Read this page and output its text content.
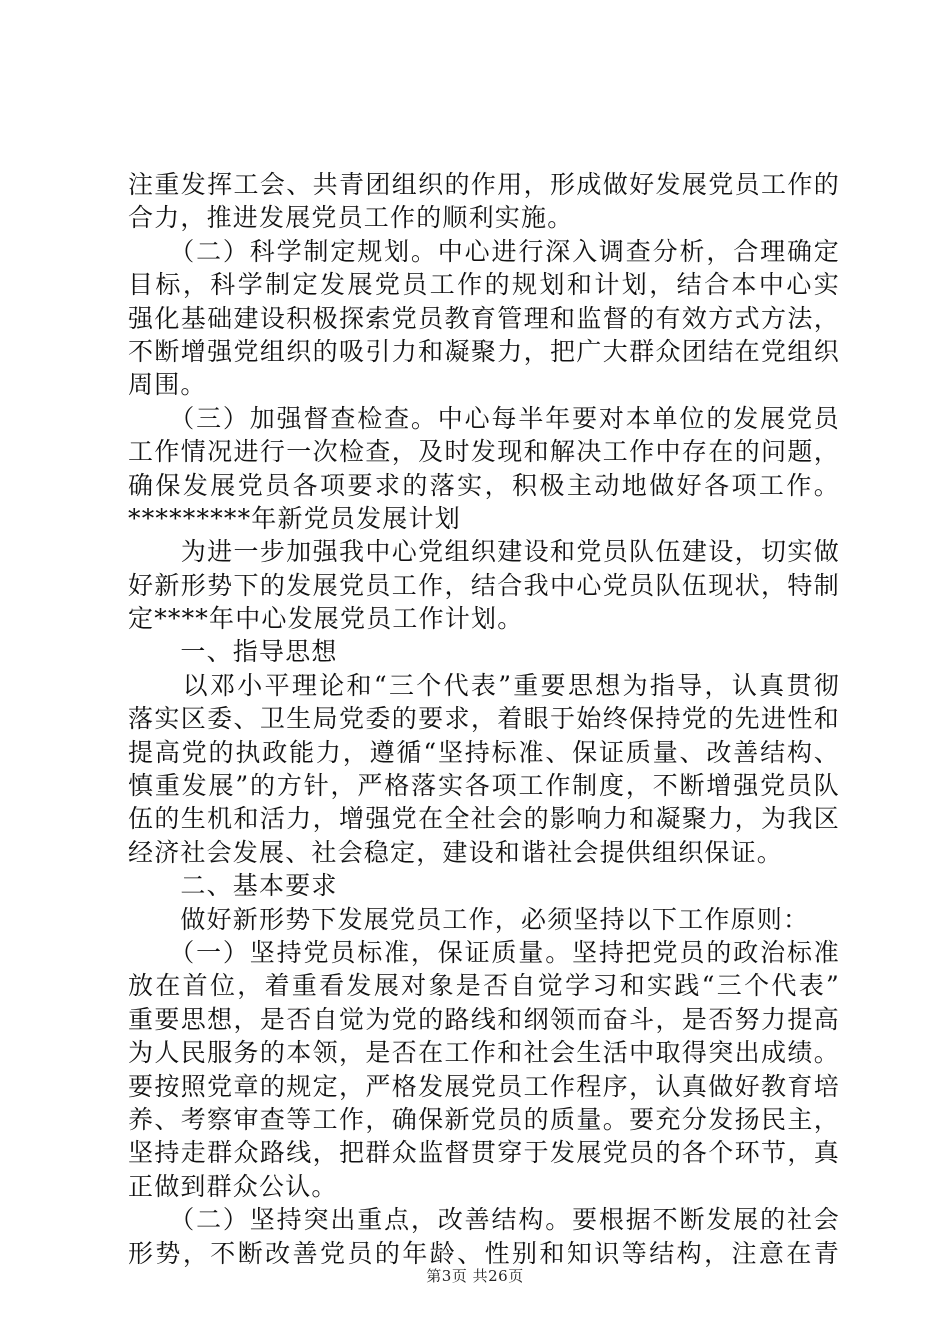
注重发挥工会、共青团组织的作用，形成做好发展党员工作的
合力，推进发展党员工作的顺利实施。
　　（二）科学制定规划。中心进行深入调查分析，合理确定
目标，科学制定发展党员工作的规划和计划，结合本中心实
强化基础建设积极探索党员教育管理和监督的有效方式方法，
不断增强党组织的吸引力和凝聚力，把广大群众团结在党组织
周围。
　　（三）加强督查检查。中心每半年要对本单位的发展党员
工作情况进行一次检查，及时发现和解决工作中存在的问题，
确保发展党员各项要求的落实，积极主动地做好各项工作。
*********年新党员发展计划
　　为进一步加强我中心党组织建设和党员队伍建设，切实做
好新形势下的发展党员工作，结合我中心党员队伍现状，特制
定****年中心发展党员工作计划。
　　一、指导思想
　　以邓小平理论和“三个代表”重要思想为指导，认真贯彻
落实区委、卫生局党委的要求，着眼于始终保持党的先进性和
提高党的执政能力，遵循“坚持标准、保证质量、改善结构、
慎重发展”的方针，严格落实各项工作制度，不断增强党员队
伍的生机和活力，增强党在全社会的影响力和凝聚力，为我区
经济社会发展、社会稳定，建设和谐社会提供组织保证。
　　二、基本要求
　　做好新形势下发展党员工作，必须坚持以下工作原则：
　　（一）坚持党员标准，保证质量。坚持把党员的政治标准
放在首位，着重看发展对象是否自觉学习和实践“三个代表”
重要思想，是否自觉为党的路线和纲领而奋斗，是否努力提高
为人民服务的本领，是否在工作和社会生活中取得突出成绩。
要按照党章的规定，严格发展党员工作程序，认真做好教育培
养、考察审查等工作，确保新党员的质量。要充分发扬民主，
坚持走群众路线，把群众监督贯穿于发展党员的各个环节，真
正做到群众公认。
　　（二）坚持突出重点，改善结构。要根据不断发展的社会
形势，不断改善党员的年龄、性别和知识等结构，注意在青
第3页 共26页
